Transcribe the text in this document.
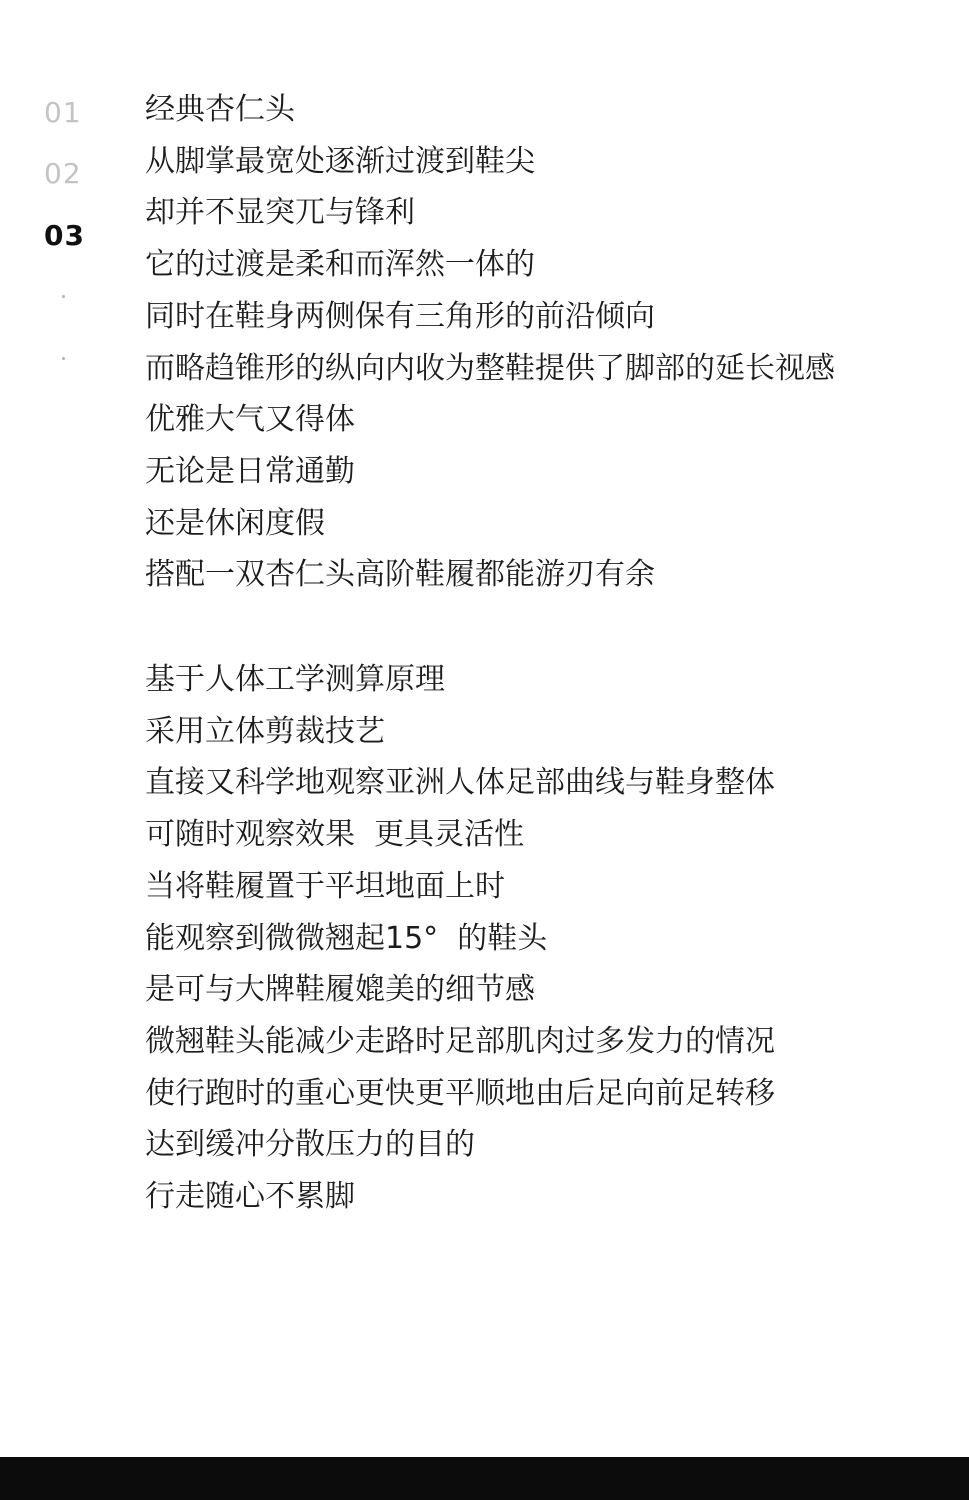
01
02
03
经典杏仁头
从脚掌最宽处逐渐过渡到鞋尖
却并不显突兀与锋利
它的过渡是柔和而浑然一体的
同时在鞋身两侧保有三角形的前沿倾向
而略趋锥形的纵向内收为整鞋提供了脚部的延长视感
优雅大气又得体
无论是日常通勤
还是休闲度假
搭配一双杏仁头高阶鞋履都能游刃有余
基于人体工学测算原理
采用立体剪裁技艺
直接又科学地观察亚洲人体足部曲线与鞋身整体
可随时观察效果  更具灵活性
当将鞋履置于平坦地面上时
能观察到微微翘起15°  的鞋头
是可与大牌鞋履媲美的细节感
微翘鞋头能减少走路时足部肌肉过多发力的情况
使行跑时的重心更快更平顺地由后足向前足转移
达到缓冲分散压力的目的
行走随心不累脚
